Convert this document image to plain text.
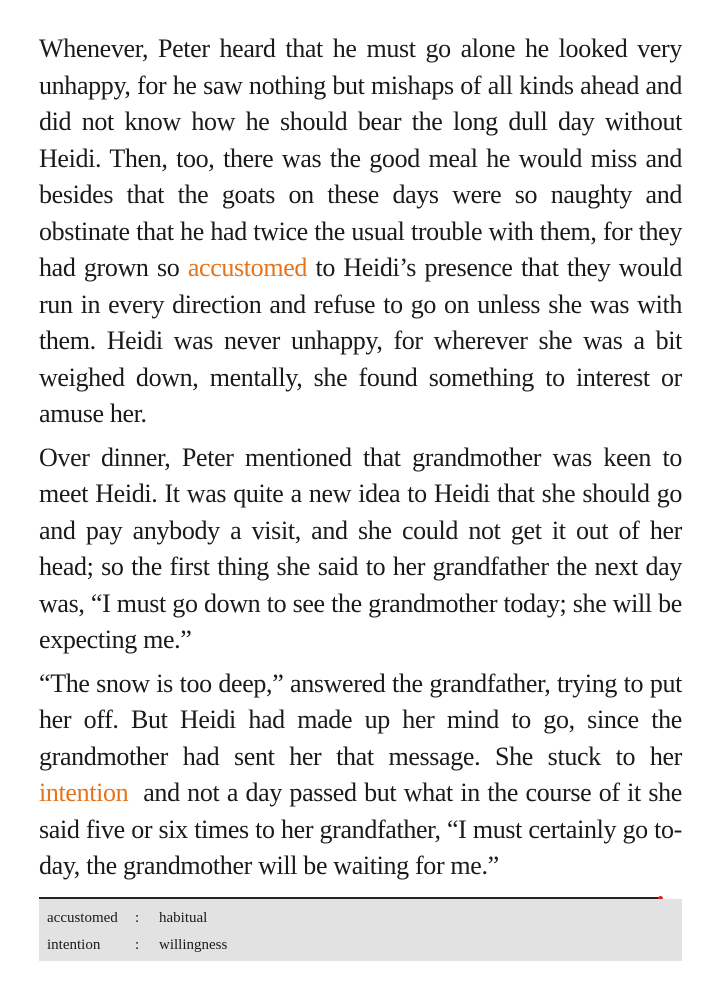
Whenever, Peter heard that he must go alone he looked very unhappy, for he saw nothing but mishaps of all kinds ahead and did not know how he should bear the long dull day without Heidi. Then, too, there was the good meal he would miss and besides that the goats on these days were so naughty and obstinate that he had twice the usual trouble with them, for they had grown so accustomed to Heidi’s presence that they would run in every direction and refuse to go on unless she was with them. Heidi was never unhappy, for wherever she was a bit weighed down, mentally, she found something to interest or amuse her.

Over dinner, Peter mentioned that grandmother was keen to meet Heidi. It was quite a new idea to Heidi that she should go and pay anybody a visit, and she could not get it out of her head; so the first thing she said to her grandfather the next day was, “I must go down to see the grandmother today; she will be expecting me.”

“The snow is too deep,” answered the grandfather, trying to put her off. But Heidi had made up her mind to go, since the grandmother had sent her that message. She stuck to her intention  and not a day passed but what in the course of it she said five or six times to her grandfather, “I must certainly go to-day, the grandmother will be waiting for me.”

accustomed : habitual
intention : willingness
